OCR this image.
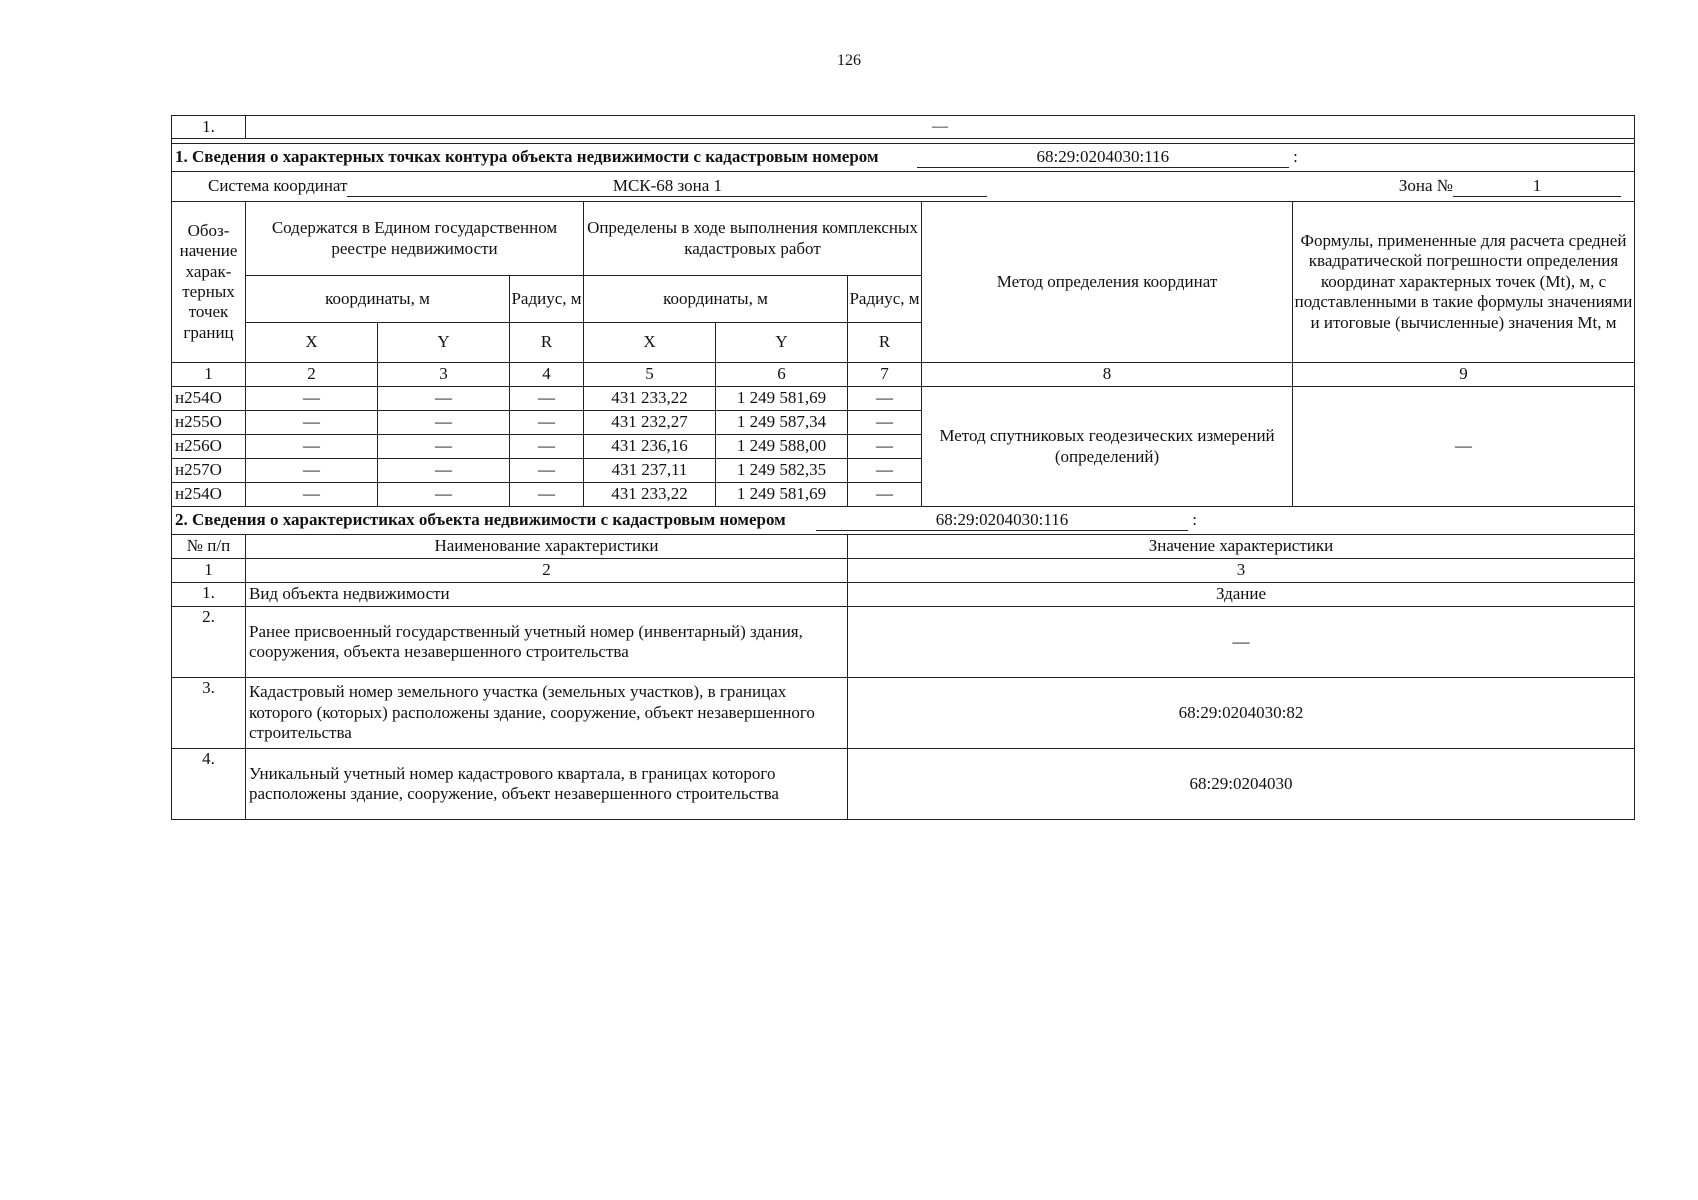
126
1.	—							

1. Сведения о характерных точках контура объекта недвижимости с кадастровым номером 68:29:0204030:116 :								
Система координат МСК-68 зона 1 Зона № 1								

Обоз-начение харак-терных точек границ	Содержатся в Едином государственном реестре недвижимости			Определены в ходе выполнения комплексных кадастровых работ			Метод определения координат	Формулы, примененные для расчета средней квадратической погрешности определения координат характерных точек (Mt), м, с подставленными в такие формулы значениями и итоговые (вычисленные) значения Mt, м
	координаты, м		Радиус, м	координаты, м		Радиус, м		
	X	Y	R	X	Y	R		
1	2	3	4	5	6	7	8	9
н254О	—	—	—	431 233,22	1 249 581,69	—	Метод спутниковых геодезических измерений (определений)	—
н255О	—	—	—	431 232,27	1 249 587,34	—		
н256О	—	—	—	431 236,16	1 249 588,00	—		
н257О	—	—	—	431 237,11	1 249 582,35	—		
н254О	—	—	—	431 233,22	1 249 581,69	—		
2. Сведения о характеристиках объекта недвижимости с кадастровым номером 68:29:0204030:116 :								
№ п/п	Наименование характеристики					Значение характеристики		
1	2					3		
1.	Вид объекта недвижимости					Здание		
2.	Ранее присвоенный государственный учетный номер (инвентарный) здания, сооружения, объекта незавершенного строительства					—		
3.	Кадастровый номер земельного участка (земельных участков), в границах которого (которых) расположены здание, сооружение, объект незавершенного строительства					68:29:0204030:82		
4.	Уникальный учетный номер кадастрового квартала, в границах которого расположены здание, сооружение, объект незавершенного строительства					68:29:0204030		
